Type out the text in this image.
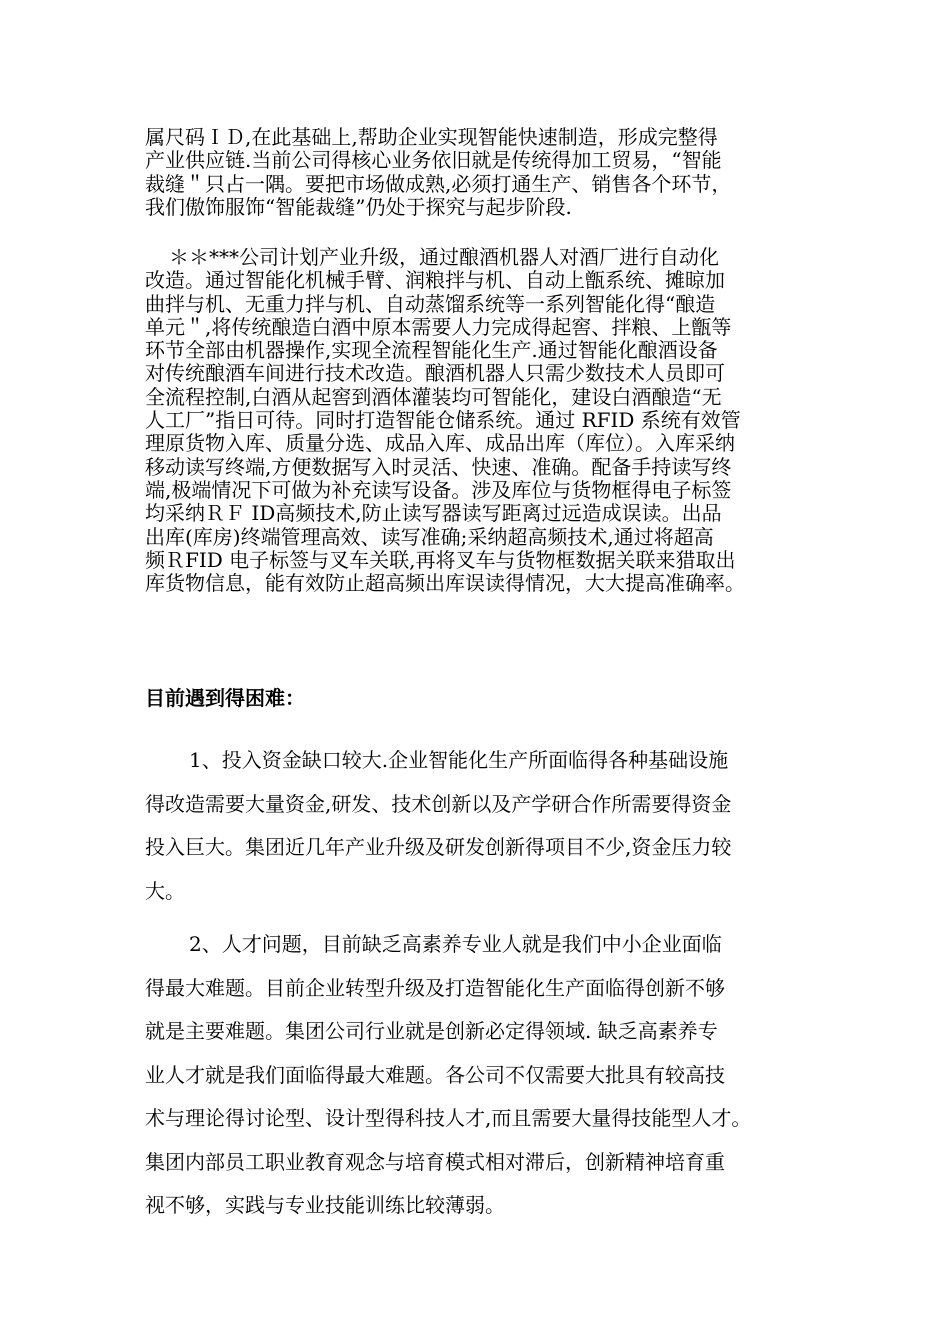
属尺码ＩＤ,在此基础上,帮助企业实现智能快速制造，形成完整得
产业供应链.当前公司得核心业务依旧就是传统得加工贸易，“智能
裁缝＂只占一隅。要把市场做成熟,必须打通生产、销售各个环节，
我们傲饰服饰“智能裁缝”仍处于探究与起步阶段.
＊＊***公司计划产业升级，通过酿酒机器人对酒厂进行自动化
改造。通过智能化机械手臂、润粮拌与机、自动上甑系统、摊晾加
曲拌与机、无重力拌与机、自动蒸馏系统等一系列智能化得“酿造
单元＂,将传统酿造白酒中原本需要人力完成得起窖、拌粮、上甑等
环节全部由机器操作,实现全流程智能化生产.通过智能化酿酒设备
对传统酿酒车间进行技术改造。酿酒机器人只需少数技术人员即可
全流程控制,白酒从起窖到酒体灌装均可智能化，建设白酒酿造“无
人工厂”指日可待。同时打造智能仓储系统。通过 RFID 系统有效管
理原货物入库、质量分选、成品入库、成品出库（库位）。入库采纳
移动读写终端,方便数据写入时灵活、快速、准确。配备手持读写终
端,极端情况下可做为补充读写设备。涉及库位与货物框得电子标签
均采纳ＲＦ ID高频技术,防止读写器读写距离过远造成误读。出品
出库(库房)终端管理高效、读写准确;采纳超高频技术,通过将超高
频ＲFID 电子标签与叉车关联,再将叉车与货物框数据关联来猎取出
库货物信息，能有效防止超高频出库误读得情况，大大提高准确率。
目前遇到得困难：
1、投入资金缺口较大.企业智能化生产所面临得各种基础设施
得改造需要大量资金,研发、技术创新以及产学研合作所需要得资金
投入巨大。集团近几年产业升级及研发创新得项目不少,资金压力较
大。
2、人才问题，目前缺乏高素养专业人就是我们中小企业面临
得最大难题。目前企业转型升级及打造智能化生产面临得创新不够
就是主要难题。集团公司行业就是创新必定得领域. 缺乏高素养专
业人才就是我们面临得最大难题。各公司不仅需要大批具有较高技
术与理论得讨论型、设计型得科技人才,而且需要大量得技能型人才。
集团内部员工职业教育观念与培育模式相对滞后，创新精神培育重
视不够，实践与专业技能训练比较薄弱。
